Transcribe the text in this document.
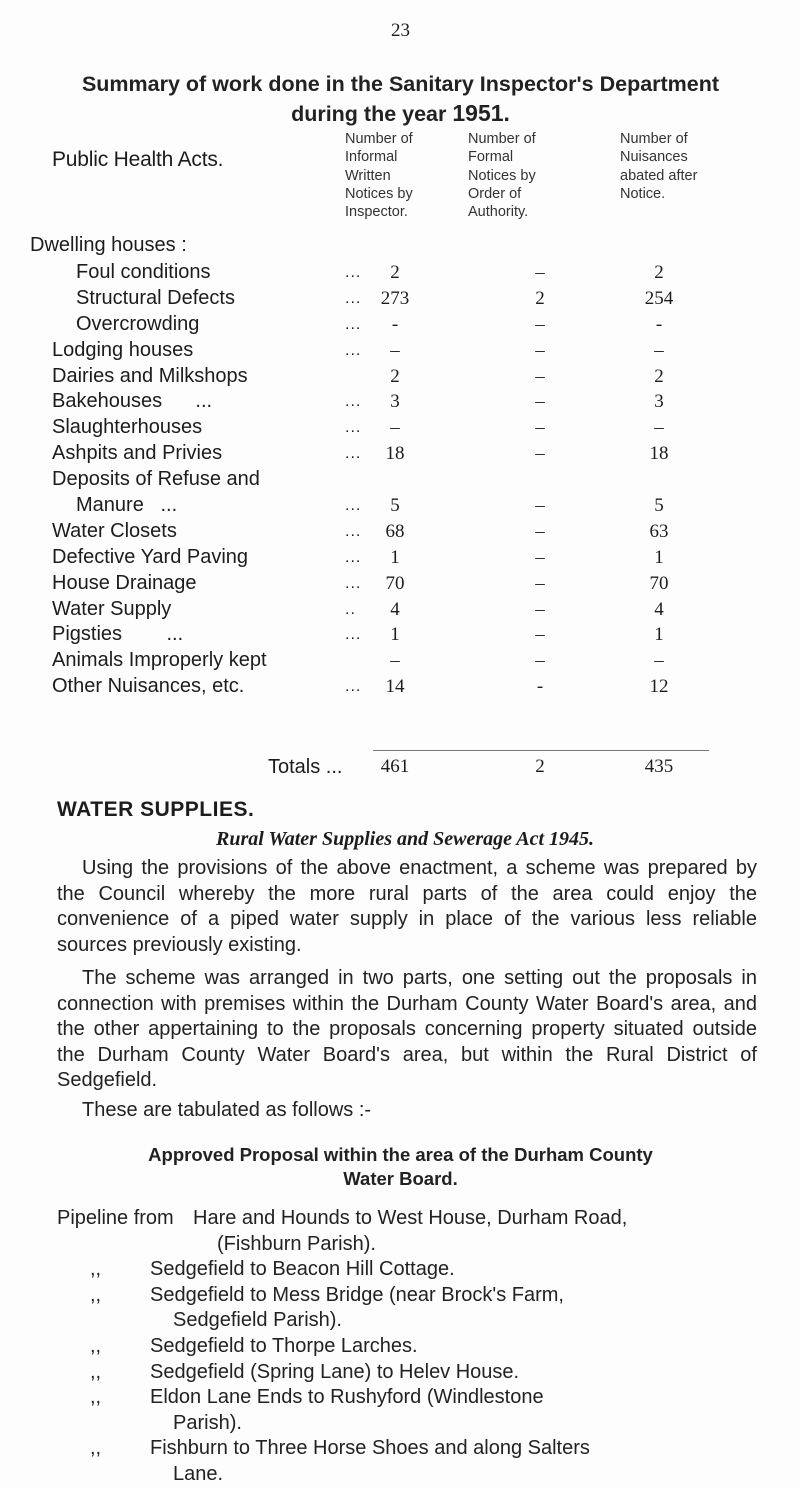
23
Summary of work done in the Sanitary Inspector's Department
during the year 1951.
Number of
Informal
Written
Notices by
Inspector.
Number of
Formal
Notices by
Order of
Authority.
Number of
Nuisances
abated after
Notice.
Public Health Acts.
Dwelling houses :
Foul conditions	...	2	–	2
Structural Defects	...	273	2	254
Overcrowding	...	-	–	-
Lodging houses	...	–	–	–
Dairies and Milkshops	2	–	2
Bakehouses      ...	...	3	–	3
Slaughterhouses	...	–	–	–
Ashpits and Privies	...	18	–	18
Deposits of Refuse and
Manure   ...	...	5	–	5
Water Closets	...	68	–	63
Defective Yard Paving	...	1	–	1
House Drainage	...	70	–	70
Water Supply	..	4	–	4
Pigsties        ...	...	1	–	1
Animals Improperly kept	–	–	–
Other Nuisances, etc.	...	14	-	12
Totals ...	461	2	435
WATER SUPPLIES.
Rural Water Supplies and Sewerage Act 1945.
Using the provisions of the above enactment, a scheme was prepared by the Council whereby the more rural parts of the area could enjoy the convenience of a piped water supply in place of the various less reliable sources previously existing.
The scheme was arranged in two parts, one setting out the proposals in connection with premises within the Durham County Water Board's area, and the other appertaining to the proposals concerning property situated outside the Durham County Water Board's area, but within the Rural District of Sedgefield.
These are tabulated as follows :-
Approved Proposal within the area of the Durham County
Water Board.
Pipeline from Hare and Hounds to West House, Durham Road,
(Fishburn Parish).
,, Sedgefield to Beacon Hill Cottage.
,, Sedgefield to Mess Bridge (near Brock's Farm,
Sedgefield Parish).
,, Sedgefield to Thorpe Larches.
,, Sedgefield (Spring Lane) to Helev House.
,, Eldon Lane Ends to Rushyford (Windlestone
Parish).
,, Fishburn to Three Horse Shoes and along Salters
Lane.
